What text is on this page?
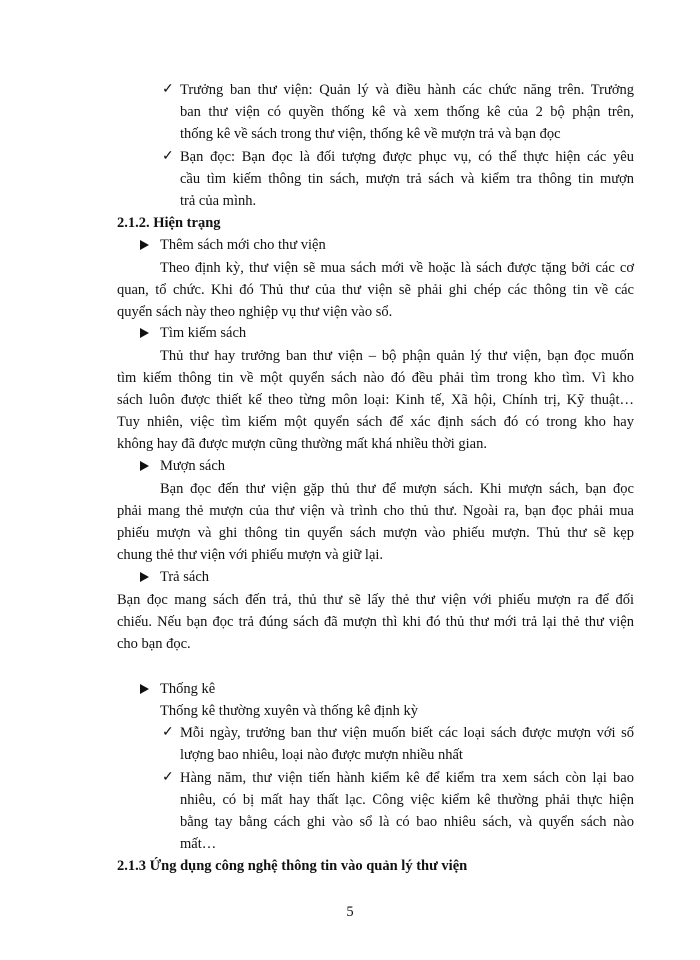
✓ Trưởng ban thư viện: Quản lý và điều hành các chức năng trên. Trưởng
ban thư viện có quyền thống kê và xem thống kê của 2 bộ phận trên,
thống kê về sách trong thư viện, thống kê về mượn trả và bạn đọc
✓ Bạn đọc: Bạn đọc là đối tượng được phục vụ, có thể thực hiện các yêu
cầu tìm kiếm thông tin sách, mượn trả sách và kiểm tra thông tin mượn
trả của mình.
2.1.2. Hiện trạng
Thêm sách mới cho thư viện
Theo định kỳ, thư viện sẽ mua sách mới về hoặc là sách được tặng bởi các cơ
quan, tổ chức. Khi đó Thủ thư của thư viện sẽ phải ghi chép các thông tin về các
quyển sách này theo nghiệp vụ thư viện vào sổ.
Tìm kiếm sách
Thủ thư hay trưởng ban thư viện – bộ phận quản lý thư viện, bạn đọc muốn
tìm kiếm thông tin về một quyển sách nào đó đều phải tìm trong kho tìm. Vì kho
sách luôn được thiết kế theo từng môn loại: Kinh tế, Xã hội, Chính trị, Kỹ thuật…
Tuy nhiên, việc tìm kiếm một quyển sách để xác định sách đó có trong kho hay
không hay đã được mượn cũng thường mất khá nhiều thời gian.
Mượn sách
Bạn đọc đến thư viện gặp thủ thư để mượn sách. Khi mượn sách, bạn đọc
phải mang thẻ mượn của thư viện và trình cho thủ thư. Ngoài ra, bạn đọc phải mua
phiếu mượn và ghi thông tin quyển sách mượn vào phiếu mượn. Thủ thư sẽ kẹp
chung thẻ thư viện với phiếu mượn và giữ lại.
Trả sách
Bạn đọc mang sách đến trả, thủ thư sẽ lấy thẻ thư viện với phiếu mượn ra để đối
chiếu. Nếu bạn đọc trả đúng sách đã mượn thì khi đó thủ thư mới trả lại thẻ thư viện
cho bạn đọc.
Thống kê
Thống kê thường xuyên và thống kê định kỳ
✓ Mỗi ngày, trưởng ban thư viện muốn biết các loại sách được mượn với số
lượng bao nhiêu, loại nào được mượn nhiều nhất
✓ Hàng năm, thư viện tiến hành kiểm kê để kiểm tra xem sách còn lại bao
nhiêu, có bị mất hay thất lạc. Công việc kiểm kê thường phải thực hiện
bằng tay bằng cách ghi vào sổ là có bao nhiêu sách, và quyển sách nào
mất…
2.1.3 Ứng dụng công nghệ thông tin vào quản lý thư viện
5
